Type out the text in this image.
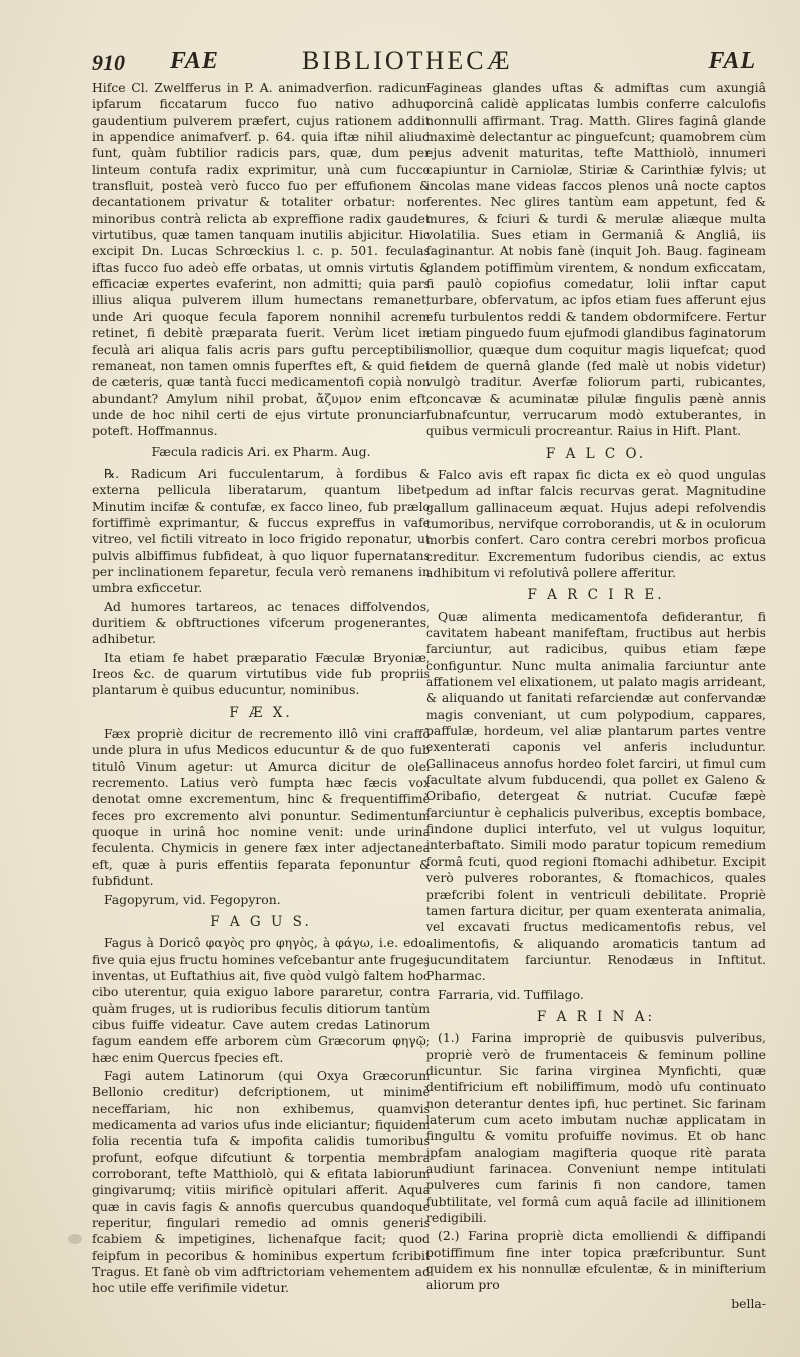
910 FAE	BIBLIOTHECÆ	FAL

Hifce Cl. Zwelfferus in P. A. animadverfion. radicum ipfarum ficcatarum fucco fuo nativo adhuc gaudentium pulverem præfert, cujus rationem addit in appendice animafverf. p. 64. quia iftæ nihil aliud funt, quàm fubtilior radicis pars, quæ, dum per linteum contufa radix exprimitur, unà cum fucco transfluit, posteà verò fucco fuo per effufionem & decantationem privatur & totaliter orbatur: non minoribus contrà relicta ab expreffione radix gaudet virtutibus, quæ tamen tanquam inutilis abjicitur. Hic excipit Dn. Lucas Schrœckius l. c. p. 501. feculas iftas fucco fuo adeò effe orbatas, ut omnis virtutis & efficaciæ expertes evaferint, non admitti; quia pars illius aliqua pulverem illum humectans remanet, unde Ari quoque fecula faporem nonnihil acrem retinet, fi debitè præparata fuerit. Verùm licet in feculà ari aliqua falis acris pars guftu perceptibilis remaneat, non tamen omnis fuperftes eft, & quid fiet de cæteris, quæ tantà fucci medicamentofi copià non abundant? Amylum nihil probat, ἄζυμον enim eft, unde de hoc nihil certi de ejus virtute pronunciari poteft. Hoffmannus.

Fæcula radicis Ari. ex Pharm. Aug.

℞. Radicum Ari fucculentarum, à fordibus & externa pellicula liberatarum, quantum libet. Minutim incifæ & contufæ, ex facco lineo, fub prælo fortiffimè exprimantur, & fuccus expreffus in vafe vitreo, vel fictili vitreato in loco frigido reponatur, ut pulvis albiffimus fubfideat, à quo liquor fupernatans per inclinationem feparetur, fecula verò remanens in umbra exficcetur.

Ad humores tartareos, ac tenaces diffolvendos, duritiem & obftructiones vifcerum progenerantes, adhibetur.

Ita etiam fe habet præparatio Fæculæ Bryoniæ, Ireos &c. de quarum virtutibus vide fub propriis plantarum è quibus educuntur, nominibus.

F Æ X.

Fæx propriè dicitur de recremento illô vini craffô unde plura in ufus Medicos educuntur & de quo fub titulô Vinum agetur: ut Amurca dicitur de olei recremento. Latius verò fumpta hæc fæcis vox denotat omne excrementum, hinc & frequentiffimè feces pro excremento alvi ponuntur. Sedimentum quoque in urinâ hoc nomine venit: unde urina feculenta. Chymicis in genere fæx inter adjectanea eft, quæ à puris effentiis feparata feponuntur & fubfidunt.

Fagopyrum, vid. Fegopyron.

F A G U S.

Fagus à Doricô φαγὸς pro φηγὸς, à φάγω, i.e. edo: five quia ejus fructu homines vefcebantur ante fruges inventas, ut Euftathius ait, five quòd vulgò faltem hoc cibo uterentur, quia exiguo labore pararetur, contra quàm fruges, ut is rudioribus feculis ditiorum tantùm cibus fuiffe videatur. Cave autem credas Latinorum fagum eandem effe arborem cùm Græcorum φηγῷ; hæc enim Quercus fpecies eft.

Fagi autem Latinorum (qui Oxya Græcorum Bellonio creditur) defcriptionem, ut minimè neceffariam, hic non exhibemus, quamvis medicamenta ad varios ufus inde eliciantur; fiquidem folia recentia tufa & impofita calidis tumoribus profunt, eofque difcutiunt & torpentia membra corroborant, tefte Matthiolò, qui & efitata labiorum gingivarumq; vitiis mirificè opitulari afferit. Aqua quæ in cavis fagis & annofis quercubus quandoque reperitur, fingulari remedio ad omnis generis fcabiem & impetigines, lichenafque facit; quod feipfum in pecoribus & hominibus expertum fcribit Tragus. Et fanè ob vim adftrictoriam vehementem ad hoc utile effe verifimile videtur.

Fagineas glandes uftas & admiftas cum axungiâ porcinâ calidè applicatas lumbis conferre calculofis nonnulli affirmant. Trag. Matth. Glires faginâ glande maximè delectantur ac pinguefcunt; quamobrem cùm ejus advenit maturitas, tefte Matthiolò, innumeri capiuntur in Carniolæ, Stiriæ & Carinthiæ fylvis; ut incolas mane videas faccos plenos unâ nocte captos ferentes. Nec glires tantùm eam appetunt, fed & mures, & fciuri & turdi & merulæ aliæque multa volatilia. Sues etiam in Germaniâ & Angliâ, iis faginantur. At nobis fanè (inquit Joh. Baug. fagineam glandem potiffimùm virentem, & nondum exficcatam, fi paulò copiofius comedatur, lolii inftar caput turbare, obfervatum, ac ipfos etiam fues afferunt ejus efu turbulentos reddi & tandem obdormifcere. Fertur etiam pinguedo fuum ejufmodi glandibus faginatorum mollior, quæque dum coquitur magis liquefcat; quod idem de quernâ glande (fed malè ut nobis videtur) vulgò traditur. Averfæ foliorum parti, rubicantes, concavæ & acuminatæ pilulæ fingulis pænè annis fubnafcuntur, verrucarum modò extuberantes, in quibus vermiculi procreantur. Raius in Hift. Plant.

F A L C O.

Falco avis eft rapax fic dicta ex eò quod ungulas pedum ad inftar falcis recurvas gerat. Magnitudine gallum gallinaceum æquat. Hujus adepi refolvendis tumoribus, nervifque corroborandis, ut & in oculorum morbis confert. Caro contra cerebri morbos proficua creditur. Excrementum fudoribus ciendis, ac extus adhibitum vi refolutivâ pollere afferitur.

F A R C I R E.

Quæ alimenta medicamentofa defiderantur, fi cavitatem habeant manifeftam, fructibus aut herbis farciuntur, aut radicibus, quibus etiam fæpe configuntur. Nunc multa animalia farciuntur ante affationem vel elixationem, ut palato magis arrideant, & aliquando ut fanitati refarciendæ aut confervandæ magis conveniant, ut cum polypodium, cappares, paffulæ, hordeum, vel aliæ plantarum partes ventre exenterati caponis vel anferis includuntur. Gallinaceus annofus hordeo folet farciri, ut fimul cum facultate alvum fubducendi, qua pollet ex Galeno & Oribafio, detergeat & nutriat. Cucufæ fæpè farciuntur è cephalicis pulveribus, exceptis bombace, findone duplici interfuto, vel ut vulgus loquitur, interbaftato. Simili modo paratur topicum remedium formâ fcuti, quod regioni ftomachi adhibetur. Excipit verò pulveres roborantes, & ftomachicos, quales præfcribi folent in ventriculi debilitate. Propriè tamen fartura dicitur, per quam exenterata animalia, vel excavati fructus medicamentofis rebus, vel alimentofis, & aliquando aromaticis tantum ad jucunditatem farciuntur. Renodæus in Inftitut. Pharmac.

Farraria, vid. Tuffilago.

F A R I N A:

(1.) Farina impropriè de quibusvis pulveribus, propriè verò de frumentaceis & feminum polline dicuntur. Sic farina virginea Mynfichti, quæ dentifricium eft nobiliffimum, modò ufu continuato non deterantur dentes ipfi, huc pertinet. Sic farinam laterum cum aceto imbutam nuchæ applicatam in fingultu & vomitu profuiffe novimus. Et ob hanc ipfam analogiam magifteria quoque ritè parata audiunt farinacea. Conveniunt nempe intitulati pulveres cum farinis fi non candore, tamen fubtilitate, vel formâ cum aquâ facile ad illinitionem redigibili.

(2.) Farina propriè dicta emolliendi & diffipandi potiffimum fine inter topica præfcribuntur. Sunt quidem ex his nonnullæ efculentæ, & in minifterium aliorum pro

bella-
